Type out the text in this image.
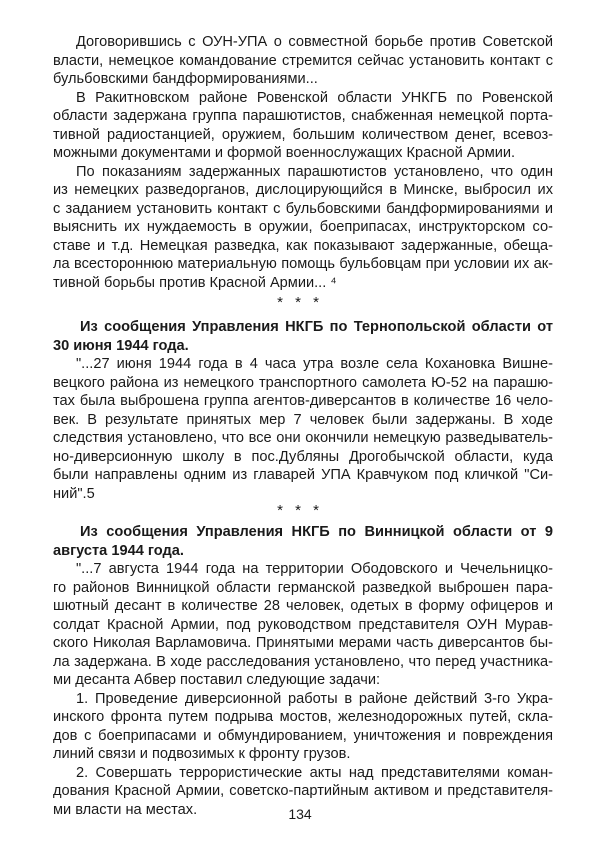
Договорившись с ОУН-УПА о совместной борьбе против Советской
власти, немецкое командование стремится сейчас установить контакт с
бульбовскими бандформированиями...
В Ракитновском районе Ровенской области УНКГБ по Ровенской
области задержана группа парашютистов, снабженная немецкой порта-
тивной радиостанцией, оружием, большим количеством денег, всевоз-
можными документами и формой военнослужащих Красной Армии.
По показаниям задержанных парашютистов установлено, что один
из немецких разведорганов, дислоцирующийся в Минске, выбросил их
с заданием установить контакт с бульбовскими бандформированиями и
выяснить их нуждаемость в оружии, боеприпасах, инструкторском со-
ставе и т.д. Немецкая разведка, как показывают задержанные, обеща-
ла всестороннюю материальную помощь бульбовцам при условии их ак-
тивной борьбы против Красной Армии... ⁴
* * *
Из сообщения Управления НКГБ по Тернопольской области от
30 июня 1944 года.
"...27 июня 1944 года в 4 часа утра возле села Кохановка Вишне-
вецкого района из немецкого транспортного самолета Ю-52 на парашю-
тах была выброшена группа агентов-диверсантов в количестве 16 чело-
век. В результате принятых мер 7 человек были задержаны. В ходе
следствия установлено, что все они окончили немецкую разведыватель-
но-диверсионную школу в пос.Дубляны Дрогобычской области, куда
были направлены одним из главарей УПА Кравчуком под кличкой "Си-
ний".5
* * *
Из сообщения Управления НКГБ по Винницкой области от 9
августа 1944 года.
"...7 августа 1944 года на территории Ободовского и Чечельницко-
го районов Винницкой области германской разведкой выброшен пара-
шютный десант в количестве 28 человек, одетых в форму офицеров и
солдат Красной Армии, под руководством представителя ОУН Мурав-
ского Николая Варламовича. Принятыми мерами часть диверсантов бы-
ла задержана. В ходе расследования установлено, что перед участника-
ми десанта Абвер поставил следующие задачи:
1. Проведение диверсионной работы в районе действий 3-го Укра-
инского фронта путем подрыва мостов, железнодорожных путей, скла-
дов с боеприпасами и обмундированием, уничтожения и повреждения
линий связи и подвозимых к фронту грузов.
2. Совершать террористические акты над представителями коман-
дования Красной Армии, советско-партийным активом и представителя-
ми власти на местах.	134
